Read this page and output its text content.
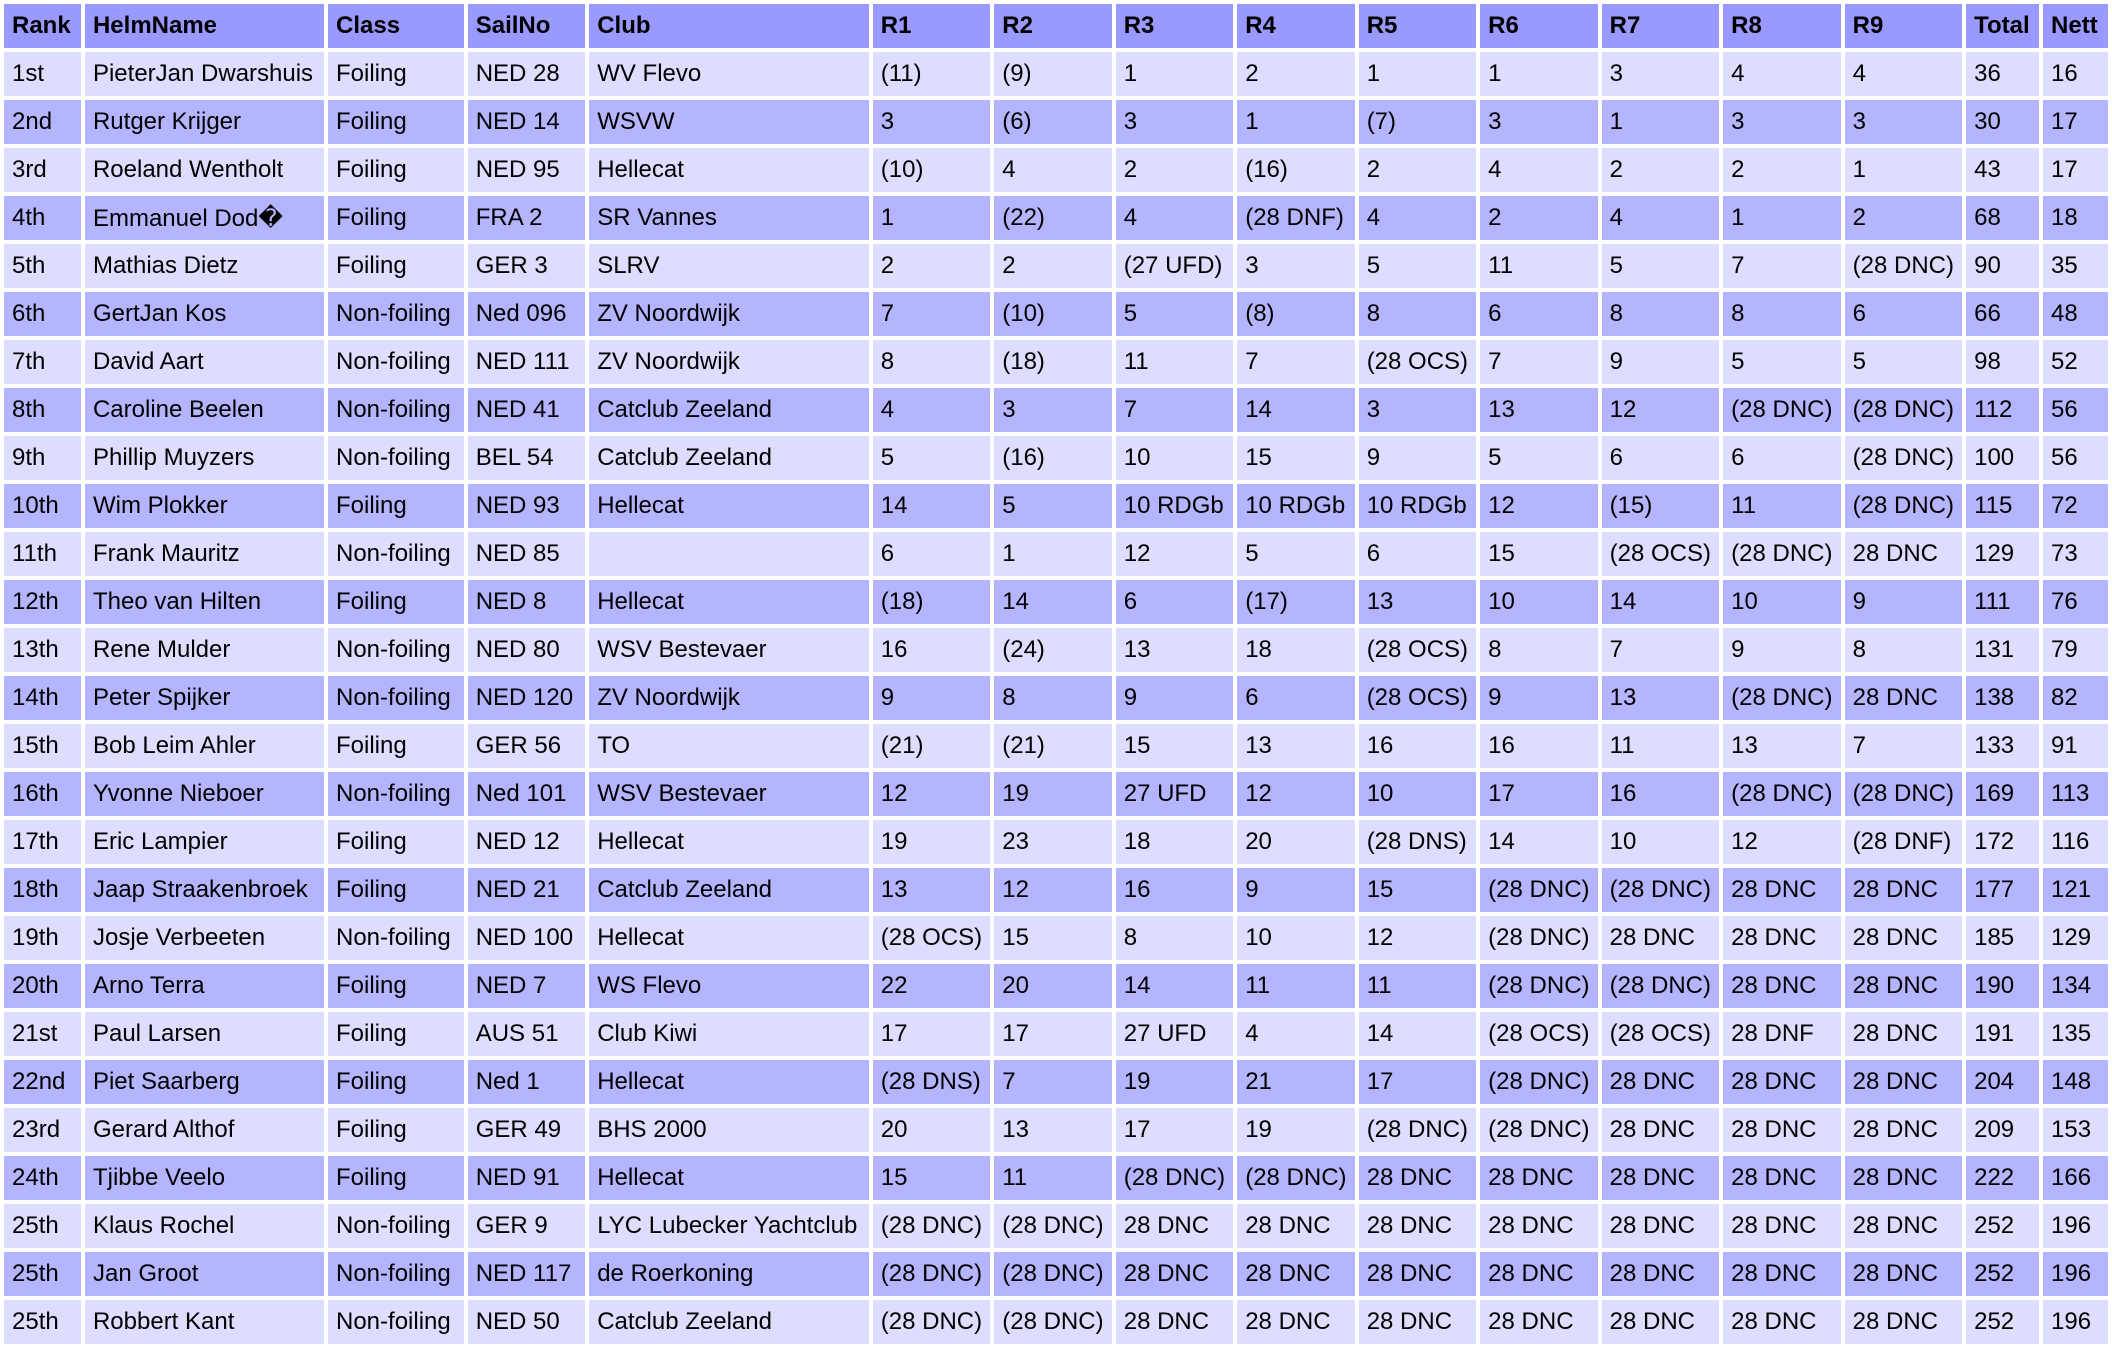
Rank	HelmName	Class	SailNo	Club	R1	R2	R3	R4	R5	R6	R7	R8	R9	Total	Nett
1st	PieterJan Dwarshuis	Foiling	NED 28	WV Flevo	(11)	(9)	1	2	1	1	3	4	4	36	16
2nd	Rutger Krijger	Foiling	NED 14	WSVW	3	(6)	3	1	(7)	3	1	3	3	30	17
3rd	Roeland Wentholt	Foiling	NED 95	Hellecat	(10)	4	2	(16)	2	4	2	2	1	43	17
4th	Emmanuel Dod�	Foiling	FRA 2	SR Vannes	1	(22)	4	(28 DNF)	4	2	4	1	2	68	18
5th	Mathias Dietz	Foiling	GER 3	SLRV	2	2	(27 UFD)	3	5	11	5	7	(28 DNC)	90	35
6th	GertJan Kos	Non-foiling	Ned 096	ZV Noordwijk	7	(10)	5	(8)	8	6	8	8	6	66	48
7th	David Aart	Non-foiling	NED 111	ZV Noordwijk	8	(18)	11	7	(28 OCS)	7	9	5	5	98	52
8th	Caroline Beelen	Non-foiling	NED 41	Catclub Zeeland	4	3	7	14	3	13	12	(28 DNC)	(28 DNC)	112	56
9th	Phillip Muyzers	Non-foiling	BEL 54	Catclub Zeeland	5	(16)	10	15	9	5	6	6	(28 DNC)	100	56
10th	Wim Plokker	Foiling	NED 93	Hellecat	14	5	10 RDGb	10 RDGb	10 RDGb	12	(15)	11	(28 DNC)	115	72
11th	Frank Mauritz	Non-foiling	NED 85		6	1	12	5	6	15	(28 OCS)	(28 DNC)	28 DNC	129	73
12th	Theo van Hilten	Foiling	NED 8	Hellecat	(18)	14	6	(17)	13	10	14	10	9	111	76
13th	Rene Mulder	Non-foiling	NED 80	WSV Bestevaer	16	(24)	13	18	(28 OCS)	8	7	9	8	131	79
14th	Peter Spijker	Non-foiling	NED 120	ZV Noordwijk	9	8	9	6	(28 OCS)	9	13	(28 DNC)	28 DNC	138	82
15th	Bob Leim Ahler	Foiling	GER 56	TO	(21)	(21)	15	13	16	16	11	13	7	133	91
16th	Yvonne Nieboer	Non-foiling	Ned 101	WSV Bestevaer	12	19	27 UFD	12	10	17	16	(28 DNC)	(28 DNC)	169	113
17th	Eric Lampier	Foiling	NED 12	Hellecat	19	23	18	20	(28 DNS)	14	10	12	(28 DNF)	172	116
18th	Jaap Straakenbroek	Foiling	NED 21	Catclub Zeeland	13	12	16	9	15	(28 DNC)	(28 DNC)	28 DNC	28 DNC	177	121
19th	Josje Verbeeten	Non-foiling	NED 100	Hellecat	(28 OCS)	15	8	10	12	(28 DNC)	28 DNC	28 DNC	28 DNC	185	129
20th	Arno Terra	Foiling	NED 7	WS Flevo	22	20	14	11	11	(28 DNC)	(28 DNC)	28 DNC	28 DNC	190	134
21st	Paul Larsen	Foiling	AUS 51	Club Kiwi	17	17	27 UFD	4	14	(28 OCS)	(28 OCS)	28 DNF	28 DNC	191	135
22nd	Piet Saarberg	Foiling	Ned 1	Hellecat	(28 DNS)	7	19	21	17	(28 DNC)	28 DNC	28 DNC	28 DNC	204	148
23rd	Gerard Althof	Foiling	GER 49	BHS 2000	20	13	17	19	(28 DNC)	(28 DNC)	28 DNC	28 DNC	28 DNC	209	153
24th	Tjibbe Veelo	Foiling	NED 91	Hellecat	15	11	(28 DNC)	(28 DNC)	28 DNC	28 DNC	28 DNC	28 DNC	28 DNC	222	166
25th	Klaus Rochel	Non-foiling	GER 9	LYC Lubecker Yachtclub	(28 DNC)	(28 DNC)	28 DNC	28 DNC	28 DNC	28 DNC	28 DNC	28 DNC	28 DNC	252	196
25th	Jan Groot	Non-foiling	NED 117	de Roerkoning	(28 DNC)	(28 DNC)	28 DNC	28 DNC	28 DNC	28 DNC	28 DNC	28 DNC	28 DNC	252	196
25th	Robbert Kant	Non-foiling	NED 50	Catclub Zeeland	(28 DNC)	(28 DNC)	28 DNC	28 DNC	28 DNC	28 DNC	28 DNC	28 DNC	28 DNC	252	196
